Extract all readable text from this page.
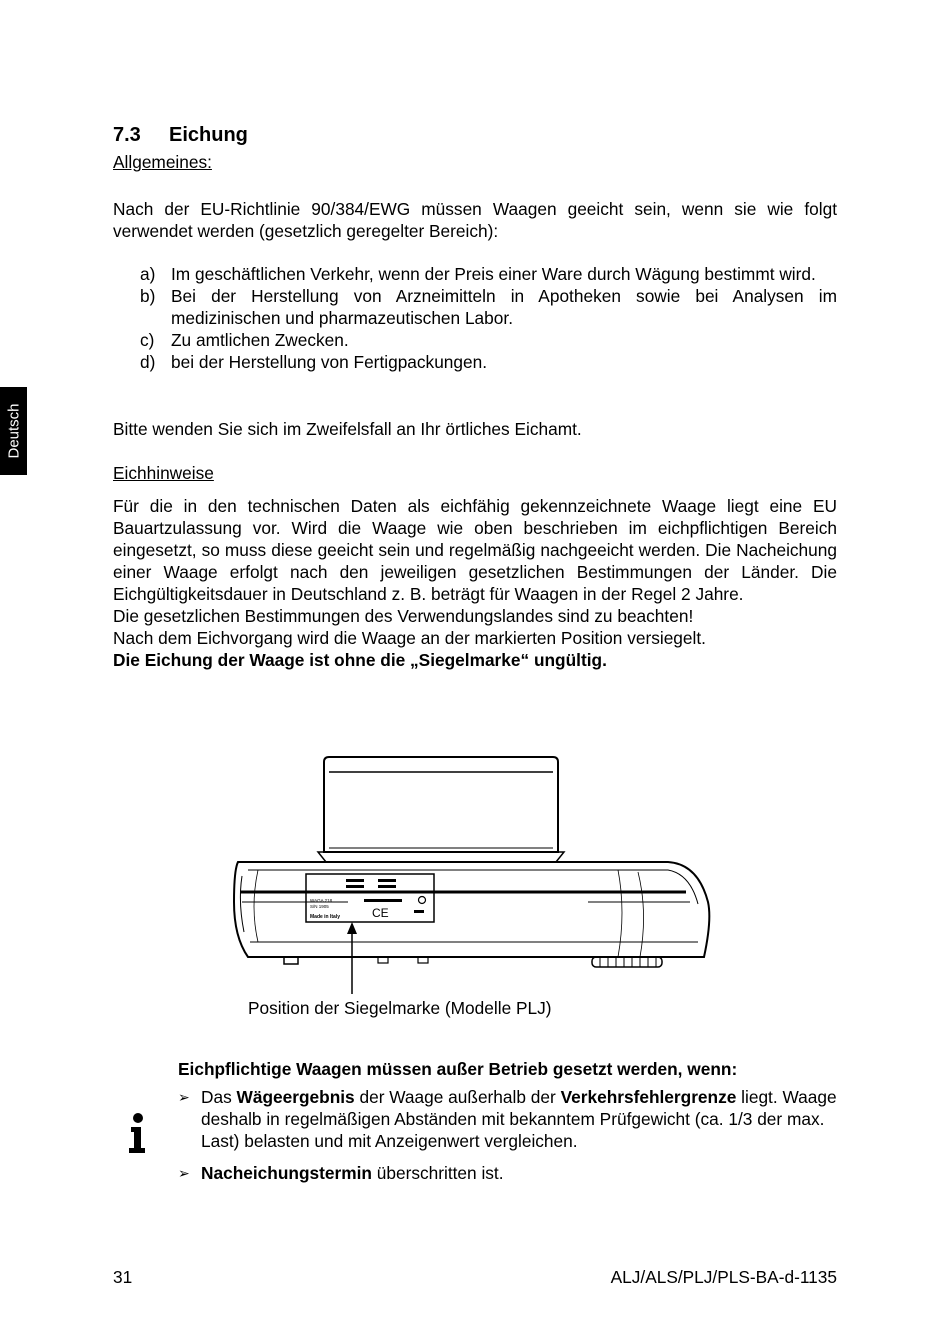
Deutsch
7.3 Eichung
Allgemeines:
Nach der EU-Richtlinie 90/384/EWG müssen Waagen geeicht sein, wenn sie wie folgt verwendet werden (gesetzlich geregelter Bereich):
a) Im geschäftlichen Verkehr, wenn der Preis einer Ware durch Wägung bestimmt wird.
b) Bei der Herstellung von Arzneimitteln in Apotheken sowie bei Analysen im medizinischen und pharmazeutischen Labor.
c) Zu amtlichen Zwecken.
d) bei der Herstellung von Fertigpackungen.
Bitte wenden Sie sich im Zweifelsfall an Ihr örtliches Eichamt.
Eichhinweise
Für die in den technischen Daten als eichfähig gekennzeichnete Waage liegt eine EU Bauartzulassung vor. Wird die Waage wie oben beschrieben im eichpflichtigen Bereich eingesetzt, so muss diese geeicht sein und regelmäßig nachgeeicht werden. Die Nacheichung einer Waage erfolgt nach den jeweiligen gesetzlichen Bestimmungen der Länder. Die Eichgültigkeitsdauer in Deutschland z. B. beträgt für Waagen in der Regel 2 Jahre.
Die gesetzlichen Bestimmungen des Verwendungslandes sind zu beachten!
Nach dem Eichvorgang wird die Waage an der markierten Position versiegelt.
Die Eichung der Waage ist ohne die „Siegelmarke“ ungültig.
WAGA 218
S/N 1905
Made in Italy	CE
Position der Siegelmarke (Modelle PLJ)
Eichpflichtige Waagen müssen außer Betrieb gesetzt werden, wenn:
➢ Das Wägeergebnis der Waage außerhalb der Verkehrsfehlergrenze liegt. Waage deshalb in regelmäßigen Abständen mit bekanntem Prüfgewicht (ca. 1/3 der max. Last) belasten und mit Anzeigenwert vergleichen.
➢ Nacheichungstermin überschritten ist.
31	ALJ/ALS/PLJ/PLS-BA-d-1135
